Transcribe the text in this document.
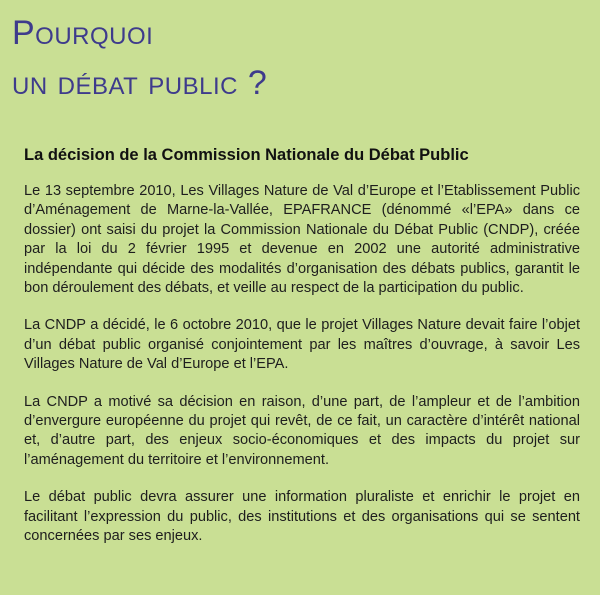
Pourquoi
un débat public ?
La décision de la Commission Nationale du Débat Public

Le 13 septembre 2010, Les Villages Nature de Val d’Europe et l’Etablissement Public d’Aménagement de Marne-la-Vallée, EPAFRANCE (dénommé «l’EPA» dans ce dossier) ont saisi du projet la Commission Nationale du Débat Public (CNDP), créée par la loi du 2 février 1995 et devenue en 2002 une autorité administrative indépendante qui décide des modalités d’organisation des débats publics, garantit le bon déroulement des débats, et veille au respect de la participation du public.

La CNDP a décidé, le 6 octobre 2010, que le projet Villages Nature devait faire l’objet d’un débat public organisé conjointement par les maîtres d’ouvrage, à savoir Les Villages Nature de Val d’Europe et l’EPA.

La CNDP a motivé sa décision en raison, d’une part, de l’ampleur et de l’ambition d’envergure européenne du projet qui revêt, de ce fait, un caractère d’intérêt national et, d’autre part, des enjeux socio-économiques et des impacts du projet sur l’aménagement du territoire et l’environnement.

Le débat public devra assurer une information pluraliste et enrichir le projet en facilitant l’expression du public, des institutions et des organisations qui se sentent concernées par ses enjeux.
